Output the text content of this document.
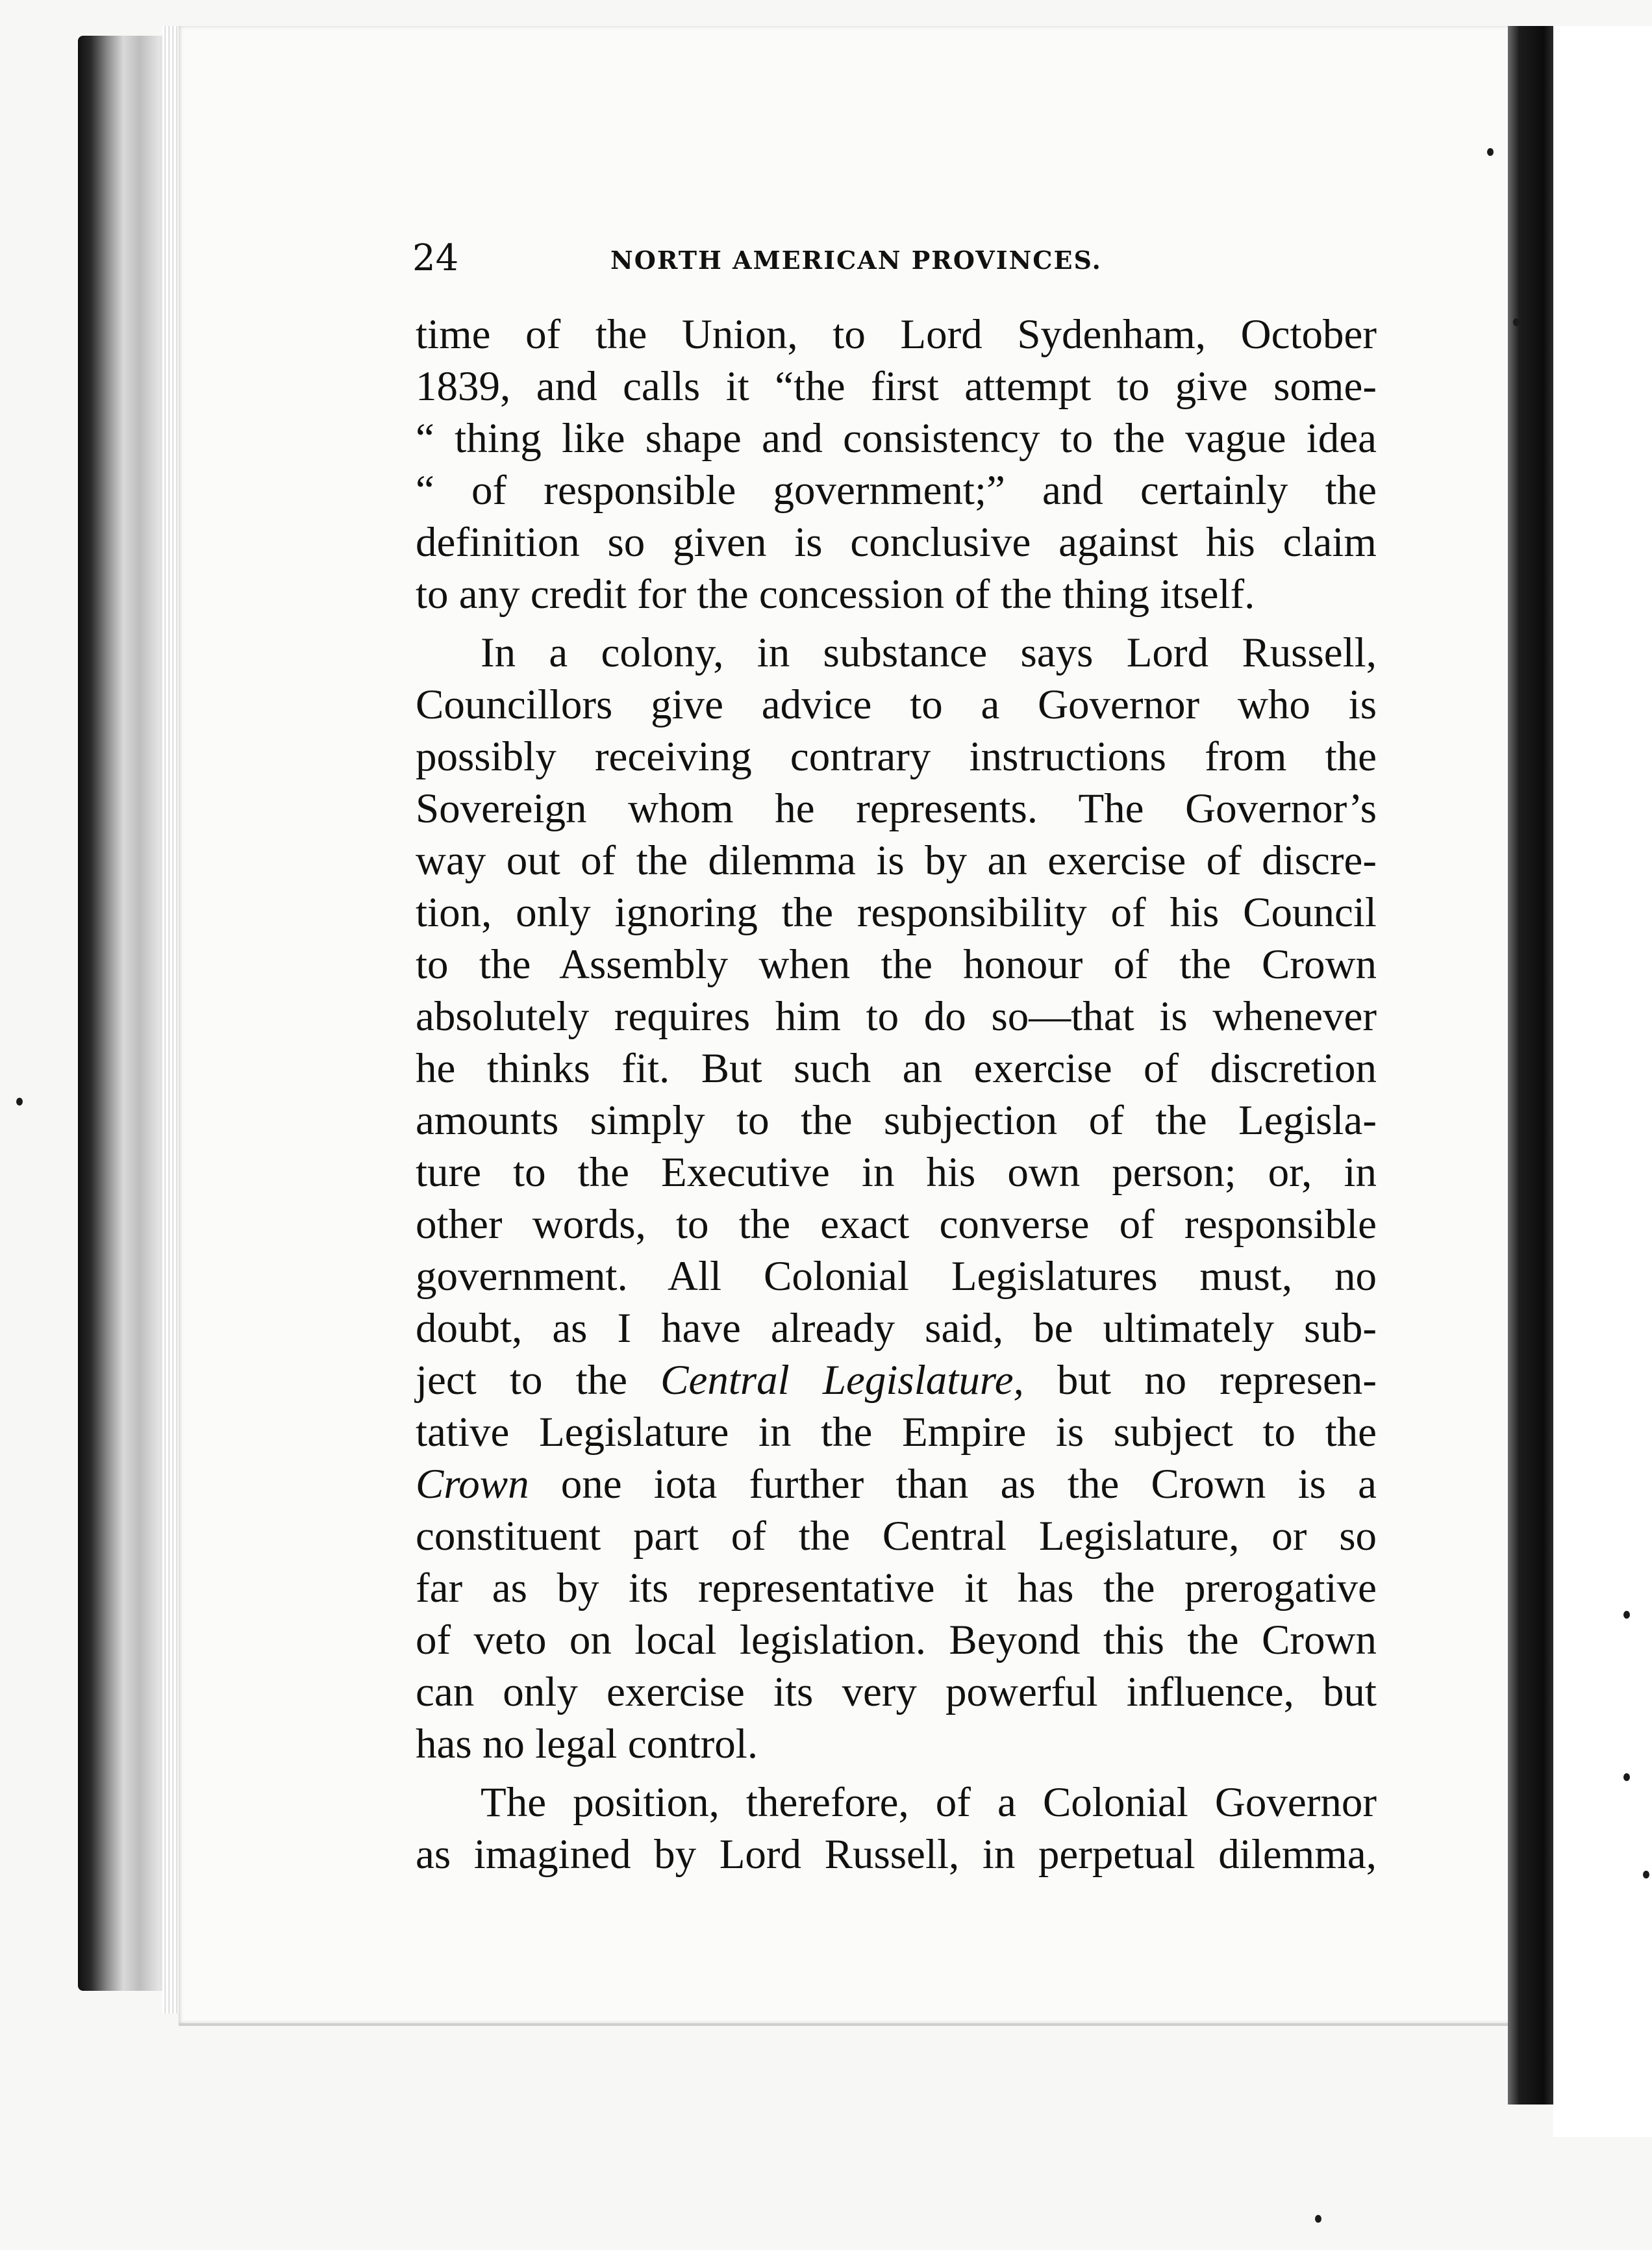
24	NORTH AMERICAN PROVINCES.
time of the Union, to Lord Sydenham, October
1839, and calls it “the first attempt to give some-
“ thing like shape and consistency to the vague idea
“ of responsible government;” and certainly the
definition so given is conclusive against his claim
to any credit for the concession of the thing itself.
In a colony, in substance says Lord Russell,
Councillors give advice to a Governor who is
possibly receiving contrary instructions from the
Sovereign whom he represents. The Governor’s
way out of the dilemma is by an exercise of discre-
tion, only ignoring the responsibility of his Council
to the Assembly when the honour of the Crown
absolutely requires him to do so—that is whenever
he thinks fit. But such an exercise of discretion
amounts simply to the subjection of the Legisla-
ture to the Executive in his own person; or, in
other words, to the exact converse of responsible
government. All Colonial Legislatures must, no
doubt, as I have already said, be ultimately sub-
ject to the Central Legislature, but no represen-
tative Legislature in the Empire is subject to the
Crown one iota further than as the Crown is a
constituent part of the Central Legislature, or so
far as by its representative it has the prerogative
of veto on local legislation. Beyond this the Crown
can only exercise its very powerful influence, but
has no legal control.
The position, therefore, of a Colonial Governor
as imagined by Lord Russell, in perpetual dilemma,
